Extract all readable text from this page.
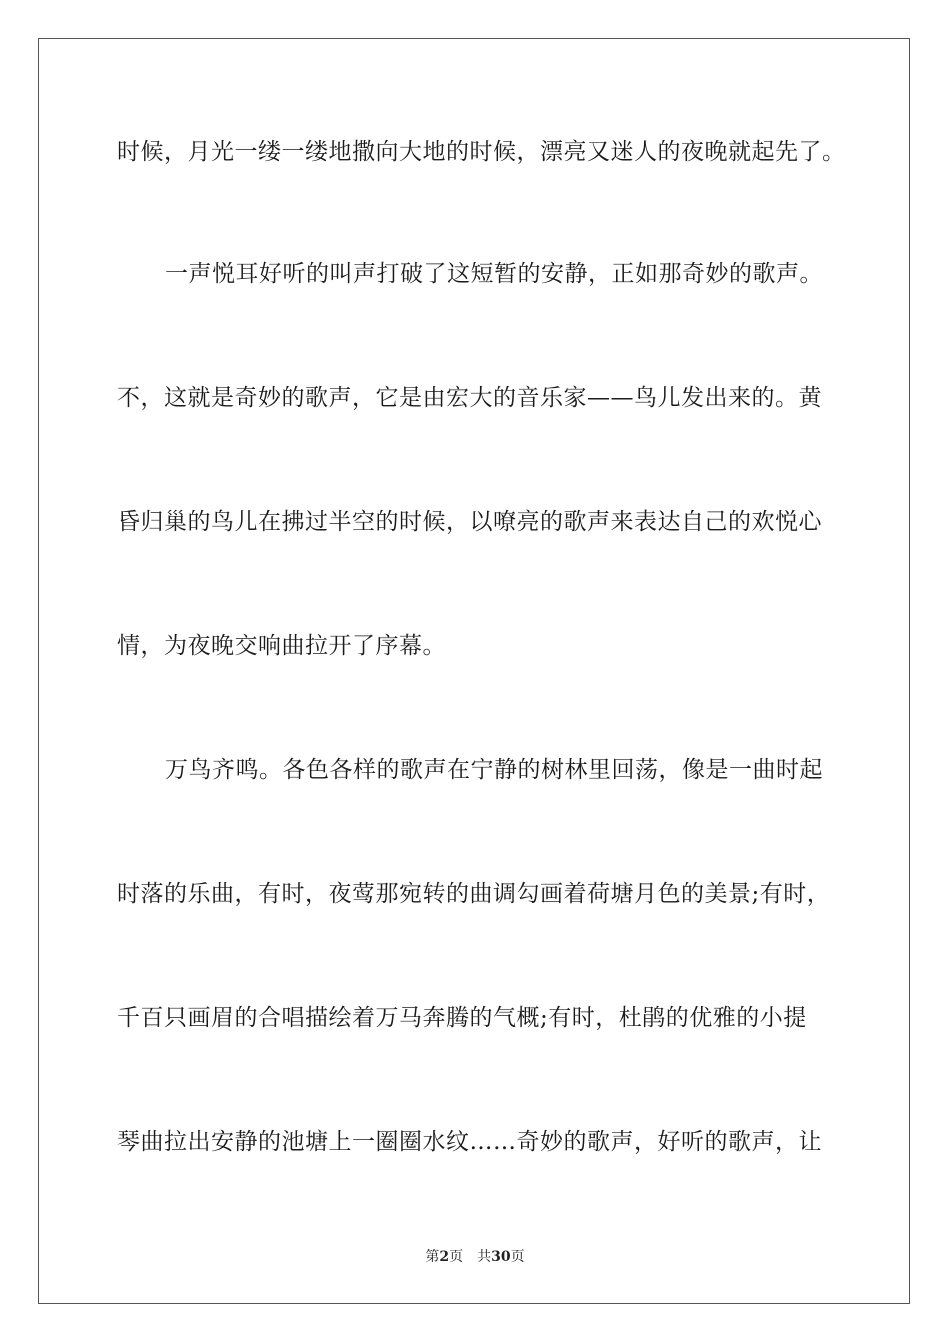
时候，月光一缕一缕地撒向大地的时候，漂亮又迷人的夜晚就起先了。
一声悦耳好听的叫声打破了这短暂的安静，正如那奇妙的歌声。
不，这就是奇妙的歌声，它是由宏大的音乐家——鸟儿发出来的。黄
昏归巢的鸟儿在拂过半空的时候，以嘹亮的歌声来表达自己的欢悦心
情，为夜晚交响曲拉开了序幕。
万鸟齐鸣。各色各样的歌声在宁静的树林里回荡，像是一曲时起
时落的乐曲，有时，夜莺那宛转的曲调勾画着荷塘月色的美景;有时，
千百只画眉的合唱描绘着万马奔腾的气概;有时，杜鹃的优雅的小提
琴曲拉出安静的池塘上一圈圈水纹……奇妙的歌声，好听的歌声，让
第2页 共30页
